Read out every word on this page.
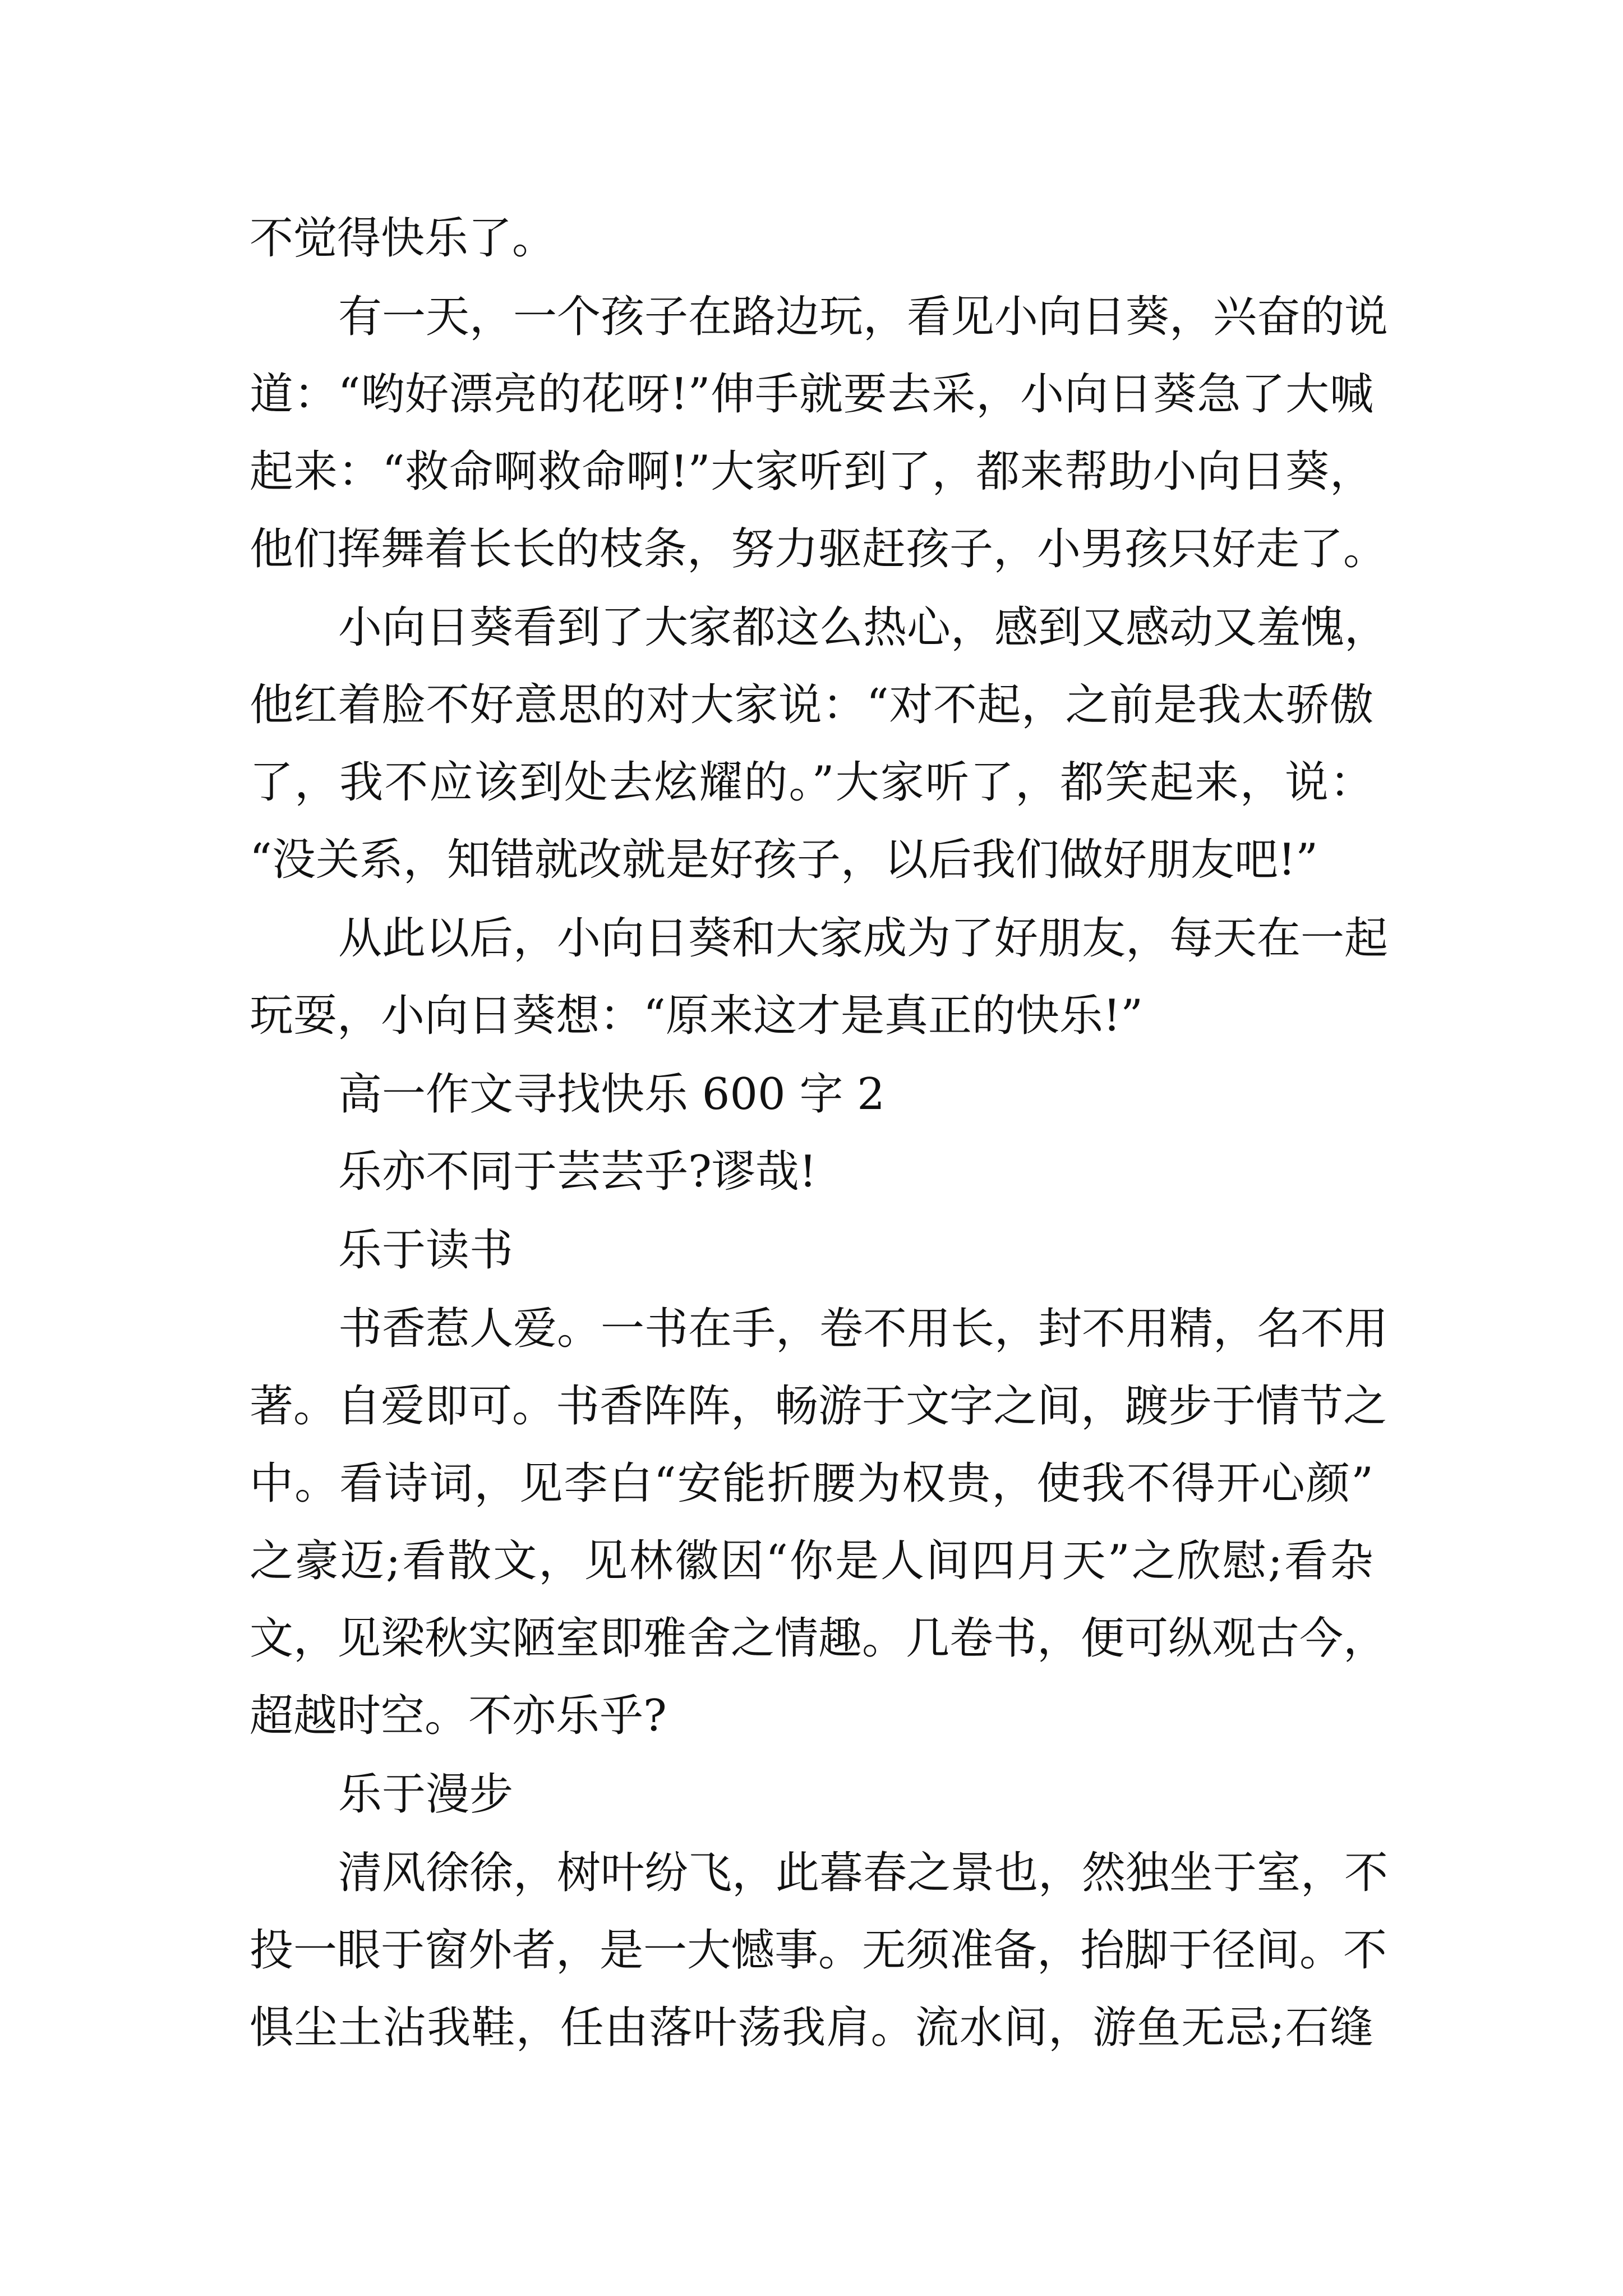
不觉得快乐了。

有一天，一个孩子在路边玩，看见小向日葵，兴奋的说

道：“哟好漂亮的花呀!”伸手就要去采，小向日葵急了大喊

起来：“救命啊救命啊!”大家听到了，都来帮助小向日葵，

他们挥舞着长长的枝条，努力驱赶孩子，小男孩只好走了。

小向日葵看到了大家都这么热心，感到又感动又羞愧，

他红着脸不好意思的对大家说：“对不起，之前是我太骄傲

了，我不应该到处去炫耀的。”大家听了，都笑起来，说：

“没关系，知错就改就是好孩子，以后我们做好朋友吧!”

从此以后，小向日葵和大家成为了好朋友，每天在一起

玩耍，小向日葵想：“原来这才是真正的快乐!”

高一作文寻找快乐 600 字 2

乐亦不同于芸芸乎?谬哉!

乐于读书

书香惹人爱。一书在手，卷不用长，封不用精，名不用

著。自爱即可。书香阵阵，畅游于文字之间，踱步于情节之

中。看诗词，见李白“安能折腰为权贵，使我不得开心颜”

之豪迈;看散文，见林徽因“你是人间四月天”之欣慰;看杂

文，见梁秋实陋室即雅舍之情趣。几卷书，便可纵观古今，

超越时空。不亦乐乎?

乐于漫步

清风徐徐，树叶纷飞，此暮春之景也，然独坐于室，不

投一眼于窗外者，是一大憾事。无须准备，抬脚于径间。不

惧尘土沾我鞋，任由落叶荡我肩。流水间，游鱼无忌;石缝
